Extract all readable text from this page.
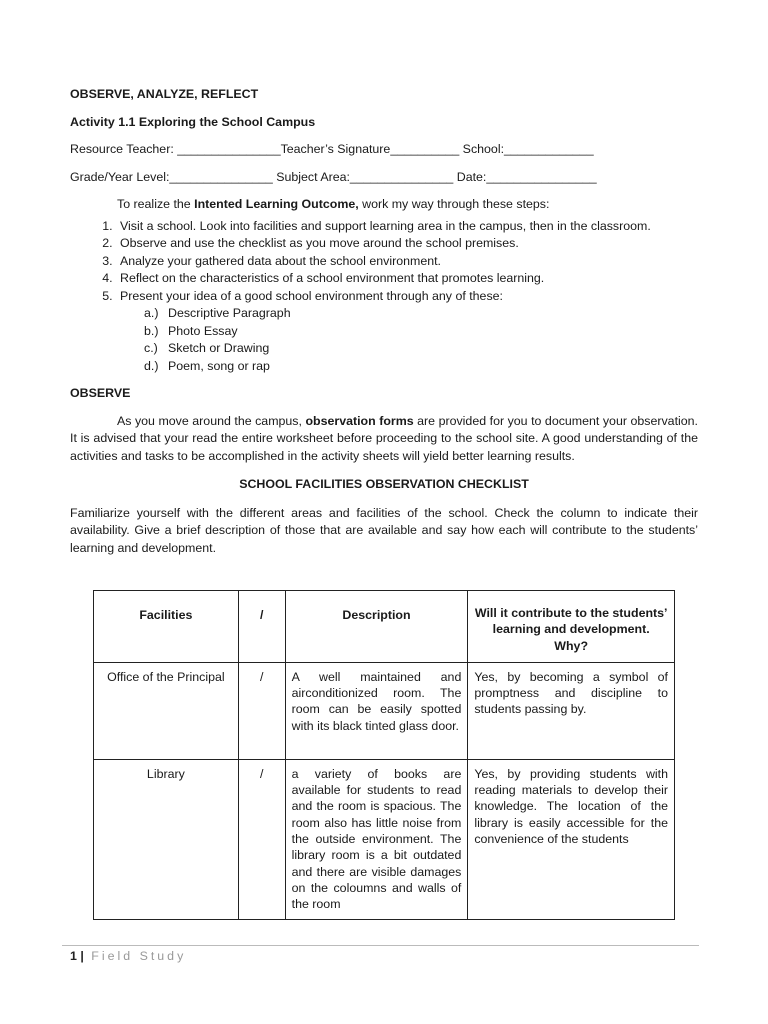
OBSERVE, ANALYZE, REFLECT

Activity 1.1 Exploring the School Campus

Resource Teacher: _______________Teacher’s Signature__________ School:_____________

Grade/Year Level:_______________ Subject Area:_______________ Date:________________

To realize the Intented Learning Outcome, work my way through these steps:

1. Visit a school. Look into facilities and support learning area in the campus, then in the classroom.
2. Observe and use the checklist as you move around the school premises.
3. Analyze your gathered data about the school environment.
4. Reflect on the characteristics of a school environment that promotes learning.
5. Present your idea of a good school environment through any of these:
a.) Descriptive Paragraph
b.) Photo Essay
c.) Sketch or Drawing
d.) Poem, song or rap

OBSERVE

As you move around the campus, observation forms are provided for you to document your observation. It is advised that your read the entire worksheet before proceeding to the school site. A good understanding of the activities and tasks to be accomplished in the activity sheets will yield better learning results.

SCHOOL FACILITIES OBSERVATION CHECKLIST

Familiarize yourself with the different areas and facilities of the school. Check the column to indicate their availability. Give a brief description of those that are available and say how each will contribute to the students’ learning and development.

Facilities	/	Description	Will it contribute to the students’ learning and development. Why?
Office of the Principal	/	A well maintained and airconditionized room. The room can be easily spotted with its black tinted glass door.	Yes, by becoming a symbol of promptness and discipline to students passing by.
Library	/	a variety of books are available for students to read and the room is spacious. The room also has little noise from the outside environment. The library room is a bit outdated and there are visible damages on the coloumns and walls of the room	Yes, by providing students with reading materials to develop their knowledge. The location of the library is easily accessible for the convenience of the students
1 | Field Study
